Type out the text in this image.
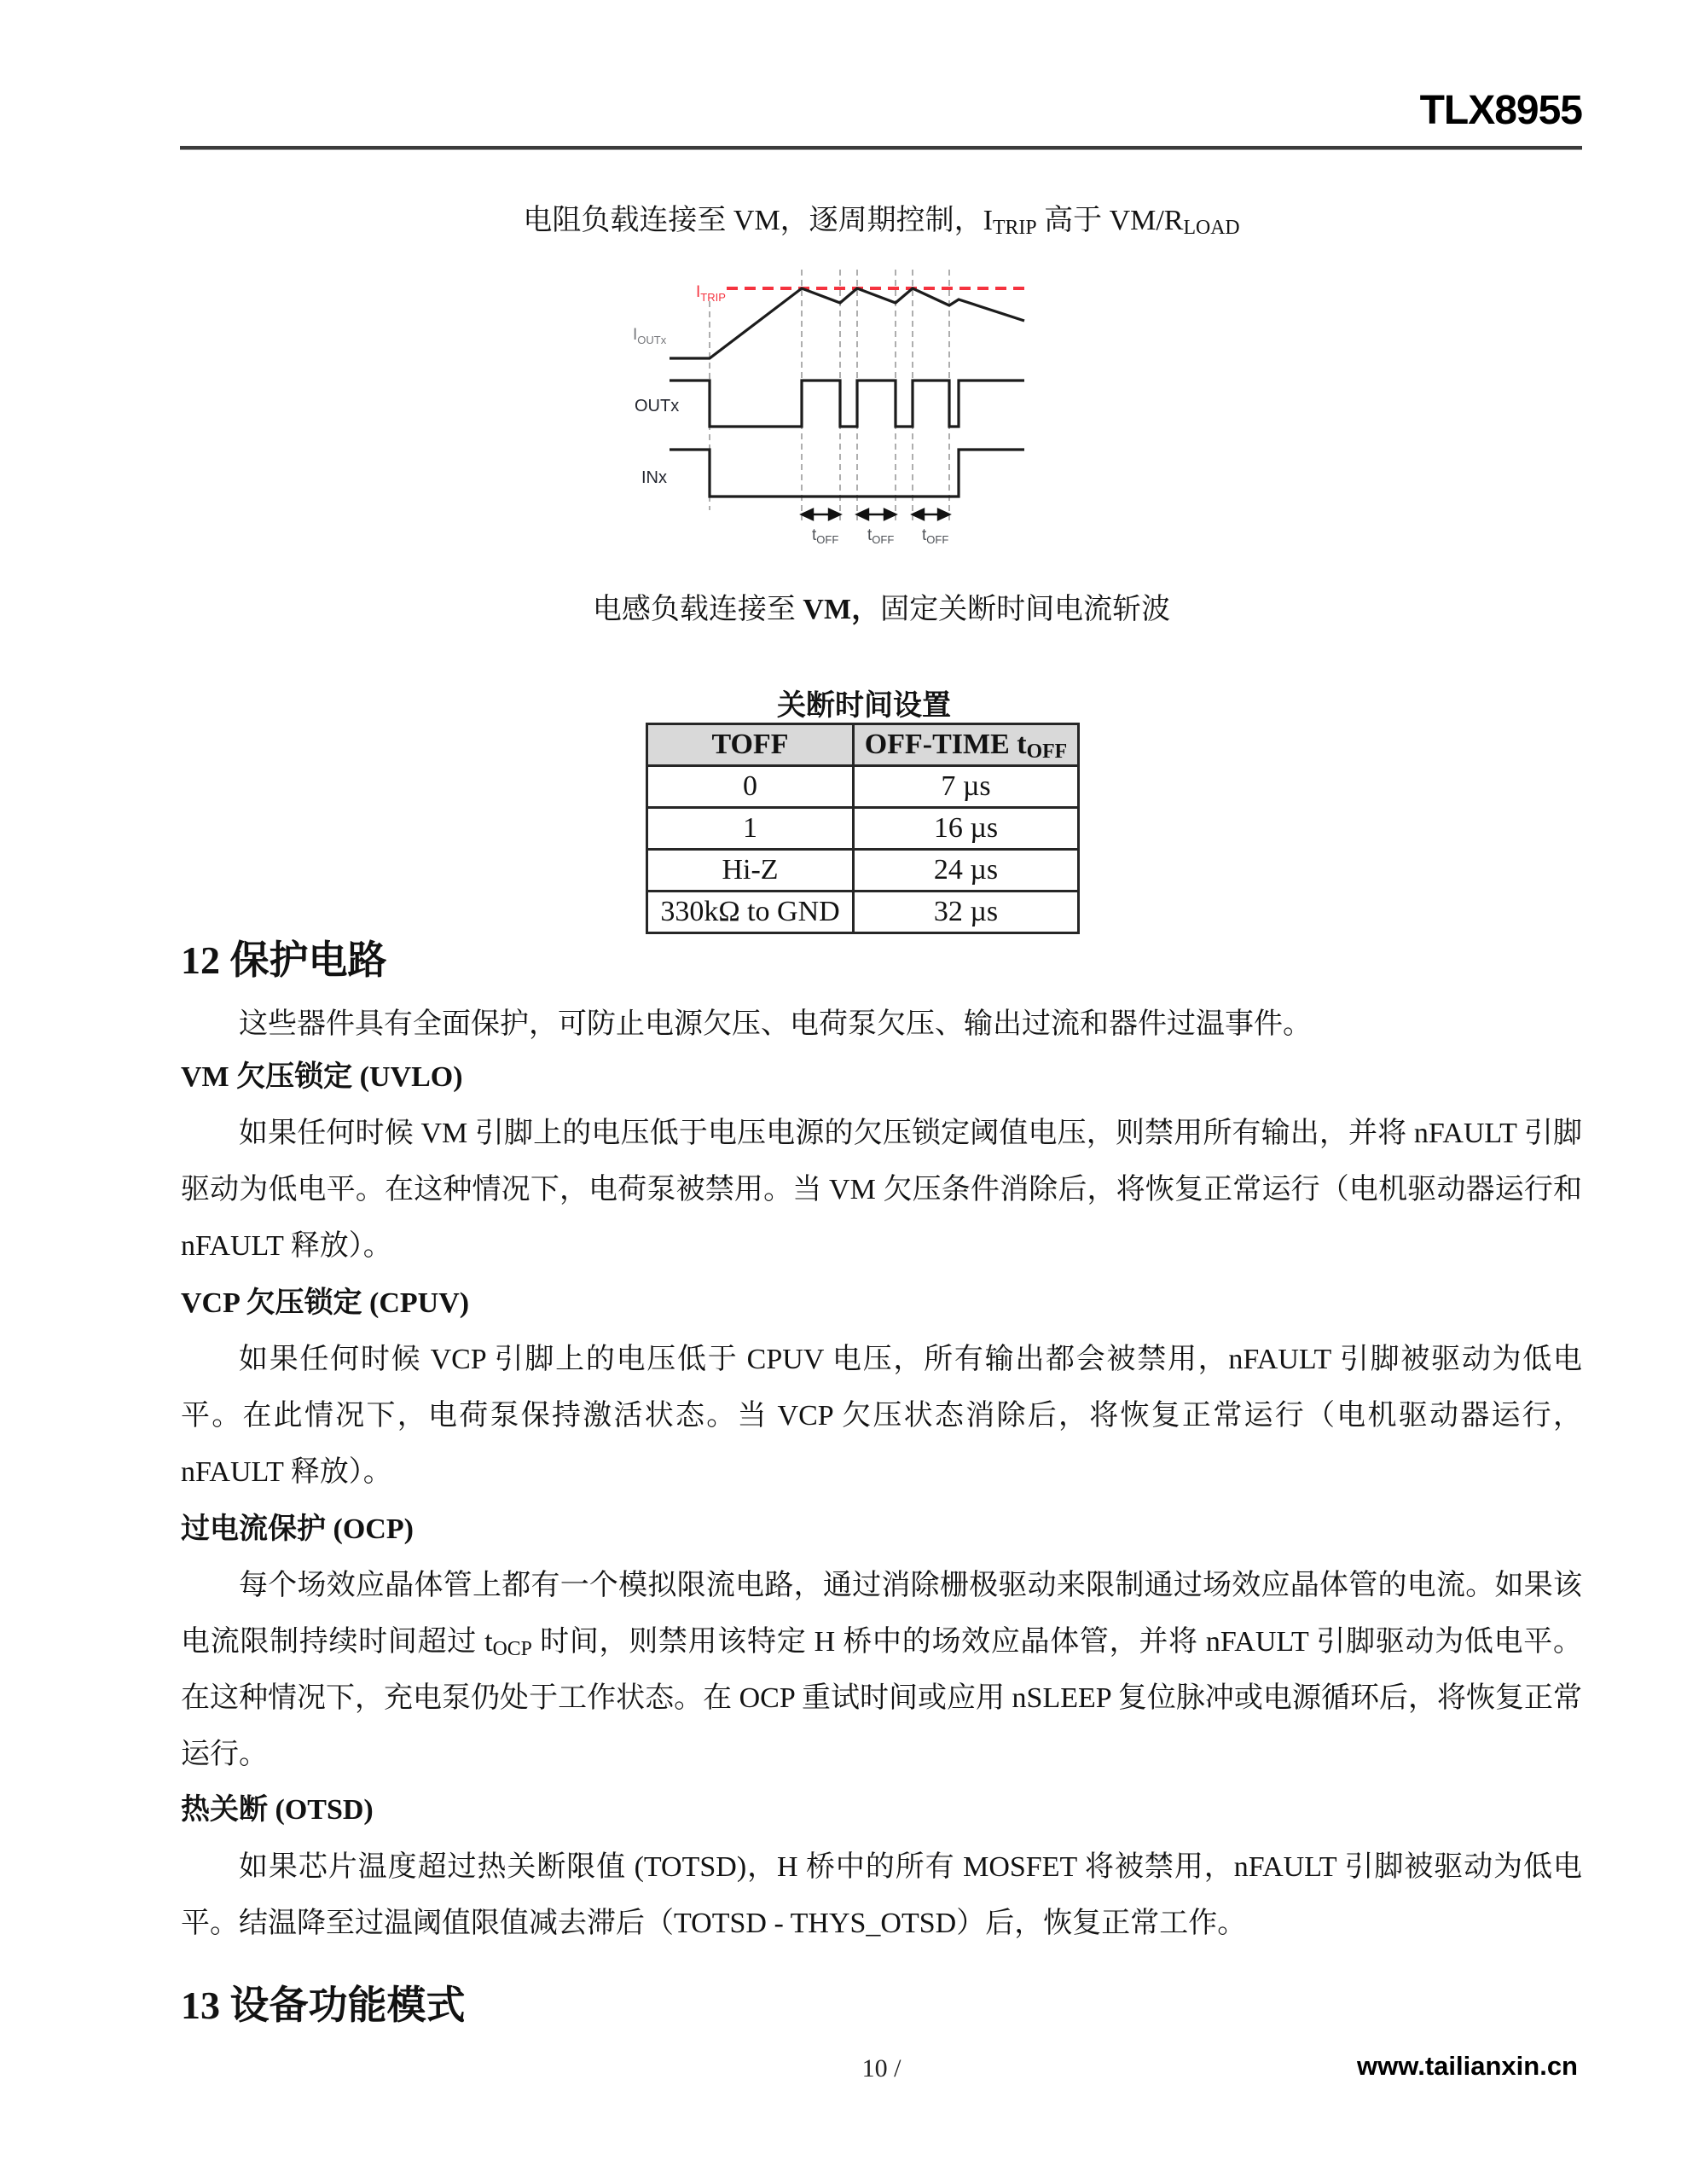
TLX8955
电阻负载连接至 VM，逐周期控制，$I_{TRIP}$ 高于 $VM/R_{LOAD}$
$I_{TRIP}$
$I_{OUTx}$
OUTx
INx
$t_{OFF}$ $t_{OFF}$ $t_{OFF}$
电感负载连接至 VM，固定关断时间电流斩波
关断时间设置
TOFF	OFF-TIME $t_{OFF}$
0	7 µs
1	16 µs
Hi-Z	24 µs
330kΩ to GND	32 µs
12 保护电路
这些器件具有全面保护，可防止电源欠压、电荷泵欠压、输出过流和器件过温事件。
VM 欠压锁定 (UVLO)
如果任何时候 VM 引脚上的电压低于电压电源的欠压锁定阈值电压，则禁用所有输出，并将 nFAULT 引脚驱动为低电平。在这种情况下，电荷泵被禁用。当 VM 欠压条件消除后，将恢复正常运行（电机驱动器运行和 nFAULT 释放）。
VCP 欠压锁定 (CPUV)
如果任何时候 VCP 引脚上的电压低于 CPUV 电压，所有输出都会被禁用，nFAULT 引脚被驱动为低电平。在此情况下，电荷泵保持激活状态。当 VCP 欠压状态消除后，将恢复正常运行（电机驱动器运行，nFAULT 释放）。
过电流保护 (OCP)
每个场效应晶体管上都有一个模拟限流电路，通过消除栅极驱动来限制通过场效应晶体管的电流。如果该电流限制持续时间超过 $t_{OCP}$ 时间，则禁用该特定 H 桥中的场效应晶体管，并将 nFAULT 引脚驱动为低电平。在这种情况下，充电泵仍处于工作状态。在 OCP 重试时间或应用 nSLEEP 复位脉冲或电源循环后，将恢复正常运行。
热关断 (OTSD)
如果芯片温度超过热关断限值 (TOTSD)，H 桥中的所有 MOSFET 将被禁用，nFAULT 引脚被驱动为低电平。结温降至过温阈值限值减去滞后（TOTSD - THYS_OTSD）后，恢复正常工作。
13 设备功能模式
10 /	www.tailianxin.cn
